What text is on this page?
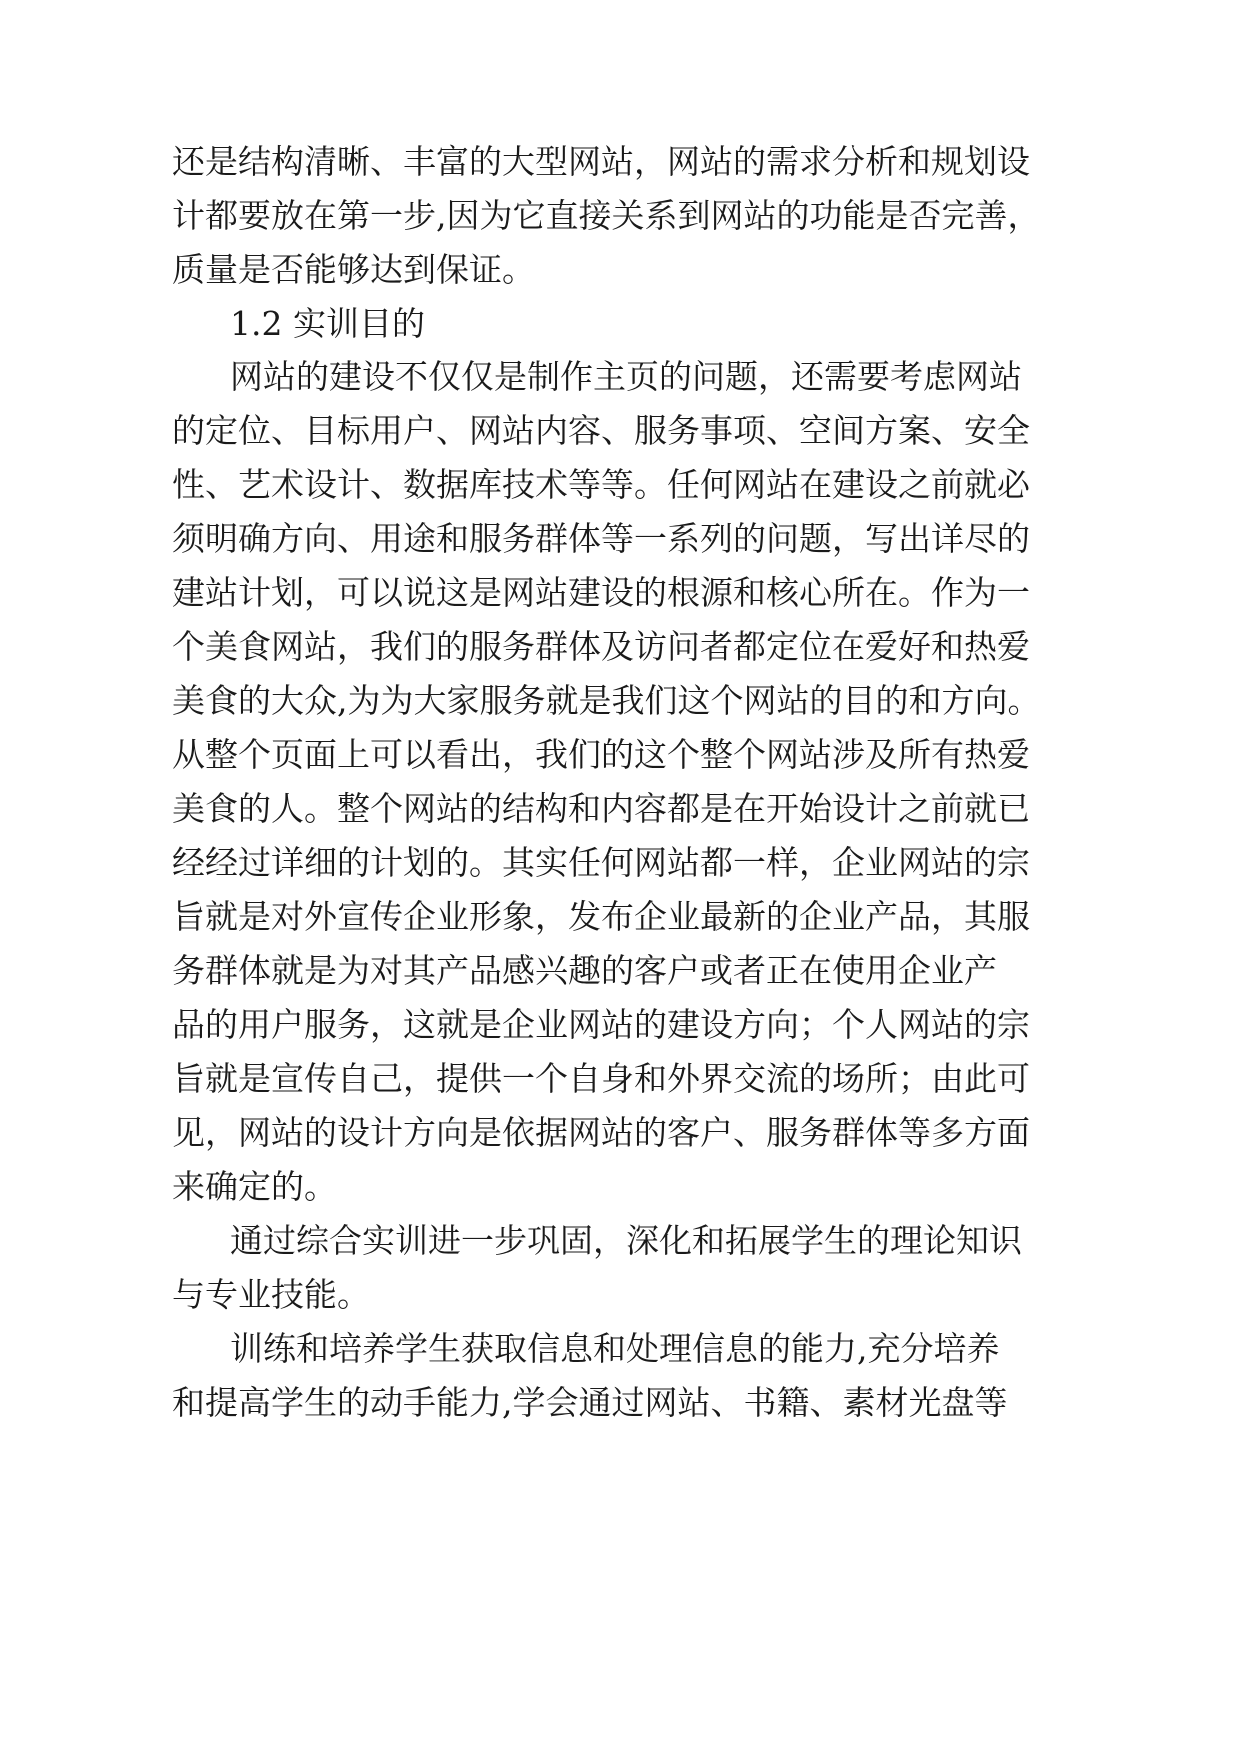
还是结构清晰、丰富的大型网站，网站的需求分析和规划设
计都要放在第一步,因为它直接关系到网站的功能是否完善，
质量是否能够达到保证。
1.2 实训目的
网站的建设不仅仅是制作主页的问题，还需要考虑网站
的定位、目标用户、网站内容、服务事项、空间方案、安全
性、艺术设计、数据库技术等等。任何网站在建设之前就必
须明确方向、用途和服务群体等一系列的问题，写出详尽的
建站计划，可以说这是网站建设的根源和核心所在。作为一
个美食网站，我们的服务群体及访问者都定位在爱好和热爱
美食的大众,为为大家服务就是我们这个网站的目的和方向。
从整个页面上可以看出，我们的这个整个网站涉及所有热爱
美食的人。整个网站的结构和内容都是在开始设计之前就已
经经过详细的计划的。其实任何网站都一样，企业网站的宗
旨就是对外宣传企业形象，发布企业最新的企业产品，其服
务群体就是为对其产品感兴趣的客户或者正在使用企业产
品的用户服务，这就是企业网站的建设方向；个人网站的宗
旨就是宣传自己，提供一个自身和外界交流的场所；由此可
见，网站的设计方向是依据网站的客户、服务群体等多方面
来确定的。
通过综合实训进一步巩固，深化和拓展学生的理论知识
与专业技能。
训练和培养学生获取信息和处理信息的能力,充分培养
和提高学生的动手能力,学会通过网站、书籍、素材光盘等
